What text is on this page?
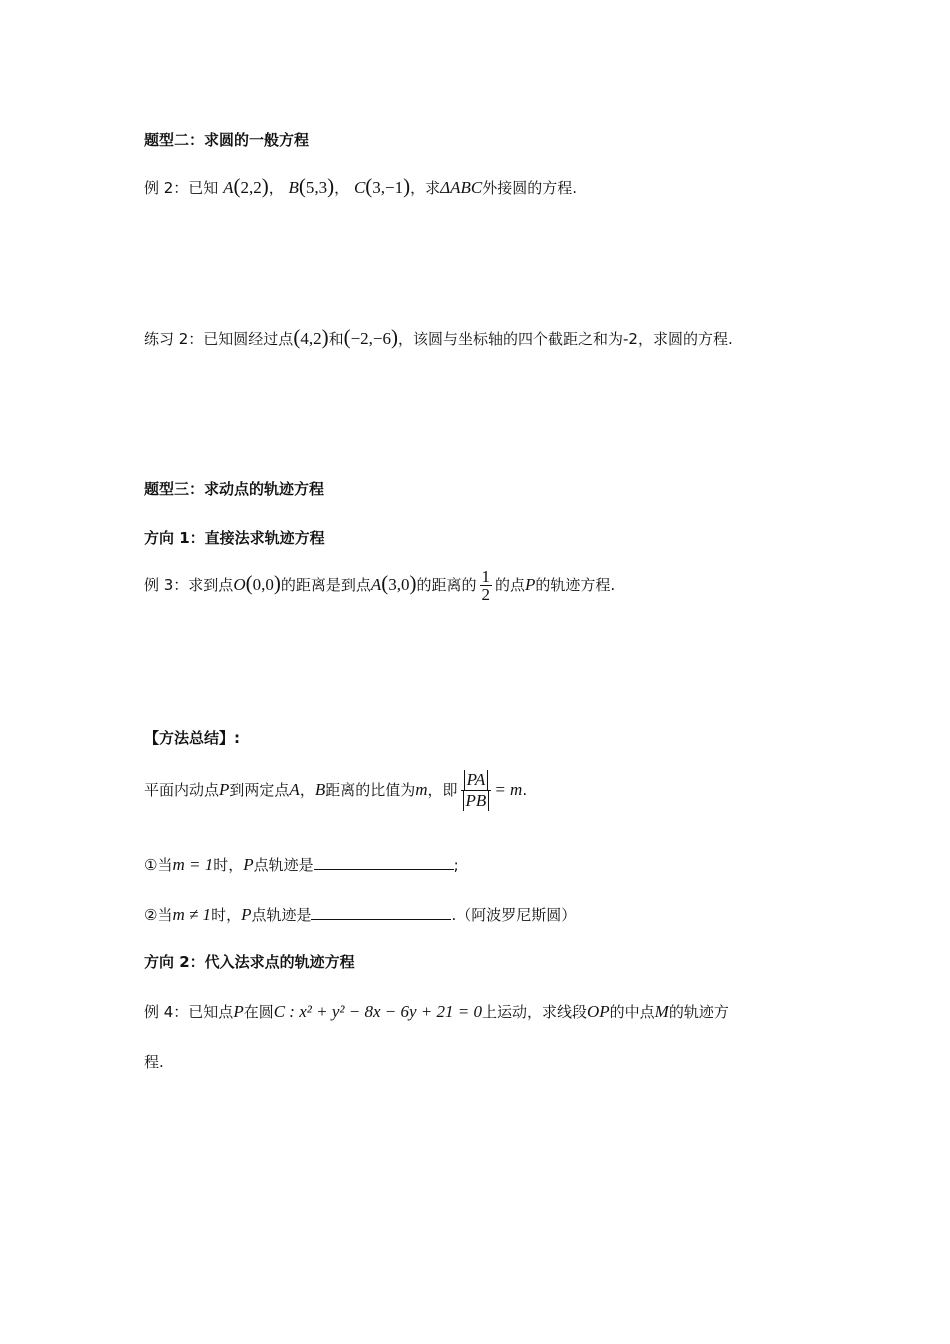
题型二：求圆的一般方程
例 2：已知 A(2,2)， B(5,3)， C(3,−1)，求ΔABC外接圆的方程.
练习 2：已知圆经过点(4,2)和(−2,−6)，该圆与坐标轴的四个截距之和为-2，求圆的方程.
题型三：求动点的轨迹方程
方向 1：直接法求轨迹方程
例 3：求到点O(0,0)的距离是到点A(3,0)的距离的 $\frac{1}{2}$ 的点P的轨迹方程.
【方法总结】:
平面内动点P到两定点A，B距离的比值为m，即 $\frac{PA}{PB} = m$.
①当m = 1时，P点轨迹是	;
②当m ≠ 1时，P点轨迹是	.（阿波罗尼斯圆）
方向 2：代入法求点的轨迹方程
例 4：已知点P在圆C : x² + y² − 8x − 6y + 21 = 0上运动，求线段OP的中点M的轨迹方
程.
